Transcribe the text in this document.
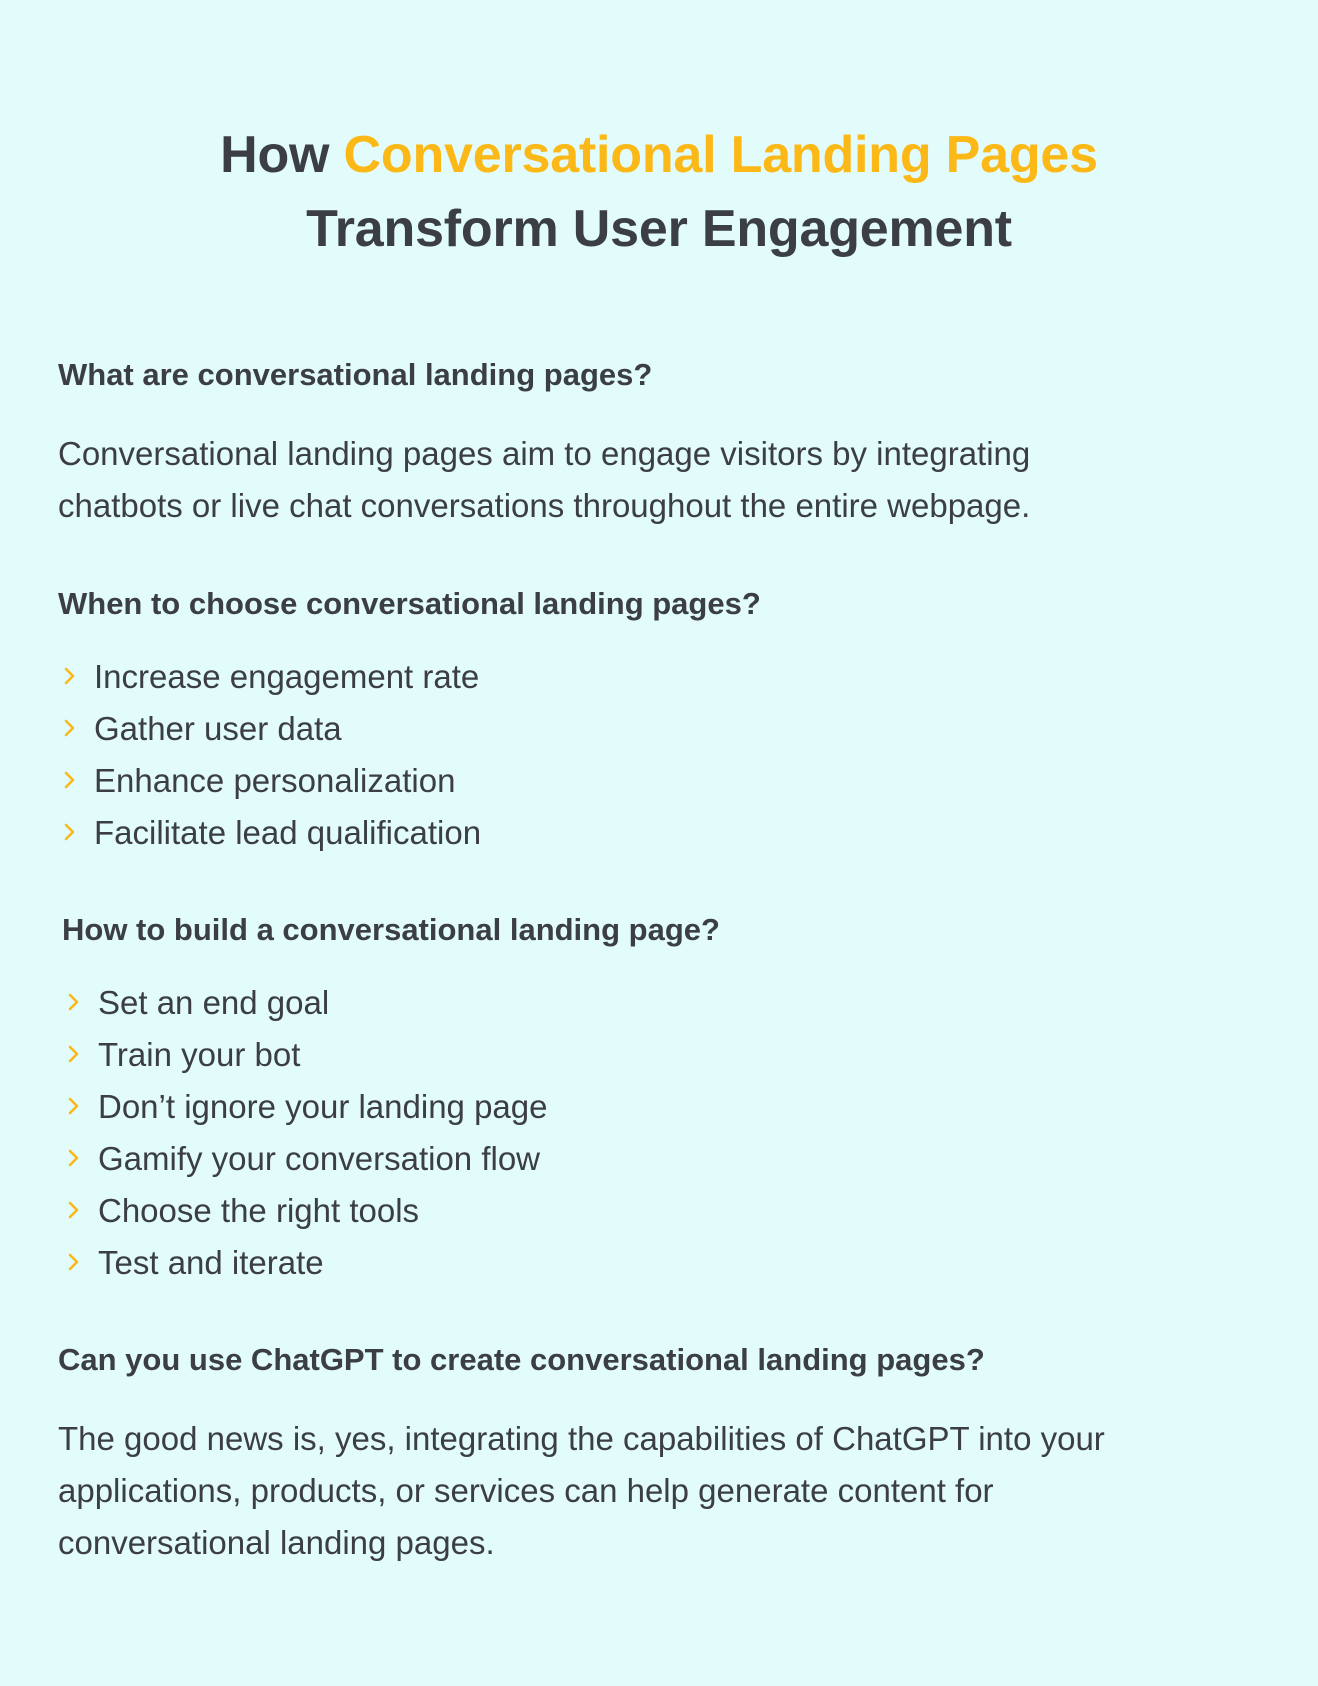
How Conversational Landing Pages
Transform User Engagement
What are conversational landing pages?

Conversational landing pages aim to engage visitors by integrating
chatbots or live chat conversations throughout the entire webpage.

When to choose conversational landing pages?
Increase engagement rate
Gather user data
Enhance personalization
Facilitate lead qualification
How to build a conversational landing page?
Set an end goal
Train your bot
Don’t ignore your landing page
Gamify your conversation flow
Choose the right tools
Test and iterate
Can you use ChatGPT to create conversational landing pages?

The good news is, yes, integrating the capabilities of ChatGPT into your
applications, products, or services can help generate content for
conversational landing pages.
